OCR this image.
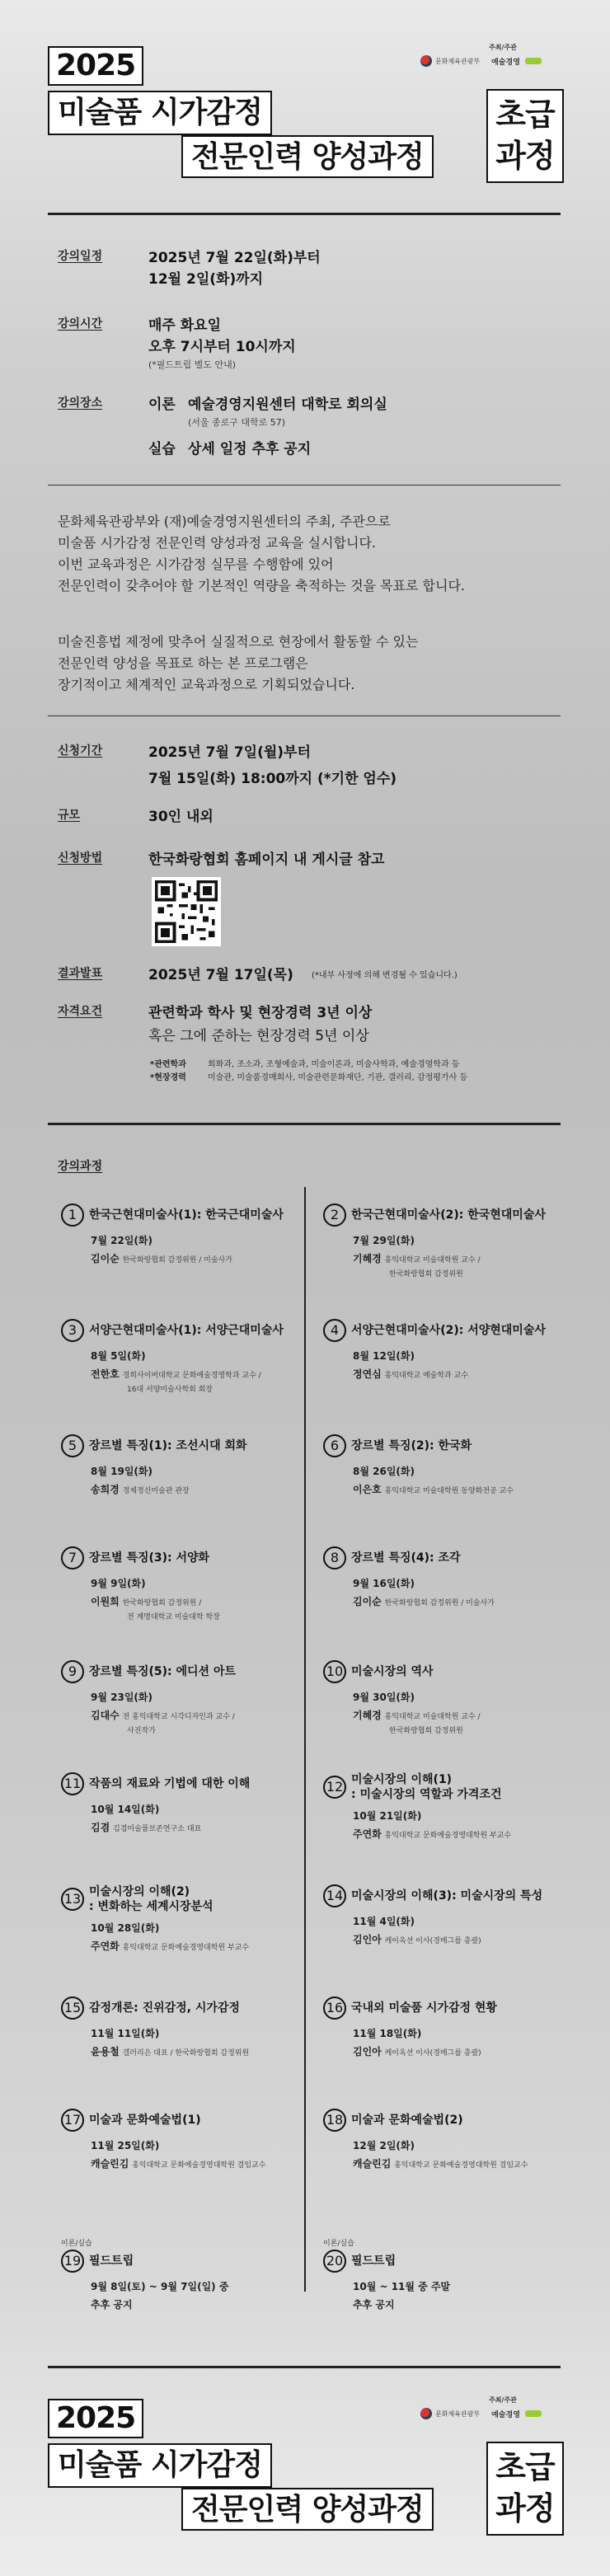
2025
미술품 시가감정
전문인력 양성과정
초급
과정
주최/주관
문화체육관광부 예술경영
강의일정	2025년 7월 22일(화)부터
12월 2일(화)까지
강의시간	매주 화요일
오후 7시부터 10시까지
(*필드트립 별도 안내)
강의장소	이론 예술경영지원센터 대학로 회의실
(서울 종로구 대학로 57)
실습 상세 일정 추후 공지
문화체육관광부와 (재)예술경영지원센터의 주최, 주관으로
미술품 시가감정 전문인력 양성과정 교육을 실시합니다.
이번 교육과정은 시가감정 실무를 수행함에 있어
전문인력이 갖추어야 할 기본적인 역량을 축적하는 것을 목표로 합니다.
미술진흥법 제정에 맞추어 실질적으로 현장에서 활동할 수 있는
전문인력 양성을 목표로 하는 본 프로그램은
장기적이고 체계적인 교육과정으로 기획되었습니다.
신청기간	2025년 7월 7일(월)부터
7월 15일(화) 18:00까지 (*기한 엄수)
규모	30인 내외
신청방법	한국화랑협회 홈페이지 내 게시글 참고
결과발표	2025년 7월 17일(목) (*내부 사정에 의해 변경될 수 있습니다.)
자격요건	관련학과 학사 및 현장경력 3년 이상
혹은 그에 준하는 현장경력 5년 이상
*관련학과	회화과, 조소과, 조형예술과, 미술이론과, 미술사학과, 예술경영학과 등
*현장경력	미술관, 미술품경매회사, 미술관련문화재단, 기관, 갤러리, 감정평가사 등
강의과정
1	한국근현대미술사(1): 한국근대미술사
7월 22일(화)
김이순 한국화랑협회 감정위원 / 미술사가
2	한국근현대미술사(2): 한국현대미술사
7월 29일(화)
기혜경 홍익대학교 미술대학원 교수 /
한국화랑협회 감정위원
3	서양근현대미술사(1): 서양근대미술사
8월 5일(화)
전한호 경희사이버대학교 문화예술경영학과 교수 /
16대 서양미술사학회 회장
4	서양근현대미술사(2): 서양현대미술사
8월 12일(화)
정연심 홍익대학교 예술학과 교수
5	장르별 특징(1): 조선시대 회화
8월 19일(화)
송희경 경제정신미술관 관장
6	장르별 특징(2): 한국화
8월 26일(화)
이은호 홍익대학교 미술대학원 동양화전공 교수
7	장르별 특징(3): 서양화
9월 9일(화)
이원희 한국화랑협회 감정위원 /
전 계명대학교 미술대학 학장
8	장르별 특징(4): 조각
9월 16일(화)
김이순 한국화랑협회 감정위원 / 미술사가
9	장르별 특징(5): 에디션 아트
9월 23일(화)
김대수 전 홍익대학교 시각디자인과 교수 /
사진작가
10 미술시장의 역사
9월 30일(화)
기혜경 홍익대학교 미술대학원 교수 /
한국화랑협회 감정위원
11 작품의 재료와 기법에 대한 이해
10월 14일(화)
김겸 김겸미술품보존연구소 대표
12 미술시장의 이해(1)
: 미술시장의 역할과 가격조건
10월 21일(화)
주연화 홍익대학교 문화예술경영대학원 부교수
13 미술시장의 이해(2)
: 변화하는 세계시장분석
10월 28일(화)
주연화 홍익대학교 문화예술경영대학원 부교수
14 미술시장의 이해(3): 미술시장의 특성
11월 4일(화)
김인아 케이옥션 이사(경매그룹 총괄)
15 감정개론: 진위감정, 시가감정
11월 11일(화)
윤용철 갤러리은 대표 / 한국화랑협회 감정위원
16 국내외 미술품 시가감정 현황
11월 18일(화)
김인아 케이옥션 이사(경매그룹 총괄)
17 미술과 문화예술법(1)
11월 25일(화)
캐슬린김 홍익대학교 문화예술경영대학원 겸임교수
18 미술과 문화예술법(2)
12월 2일(화)
캐슬린김 홍익대학교 문화예술경영대학원 겸임교수
이론/실습
19 필드트립
9월 8일(토) ~ 9월 7일(일) 중
추후 공지
이론/실습
20 필드트립
10월 ~ 11월 중 주말
추후 공지
2025
미술품 시가감정
전문인력 양성과정
초급
과정
주최/주관
문화체육관광부 예술경영
